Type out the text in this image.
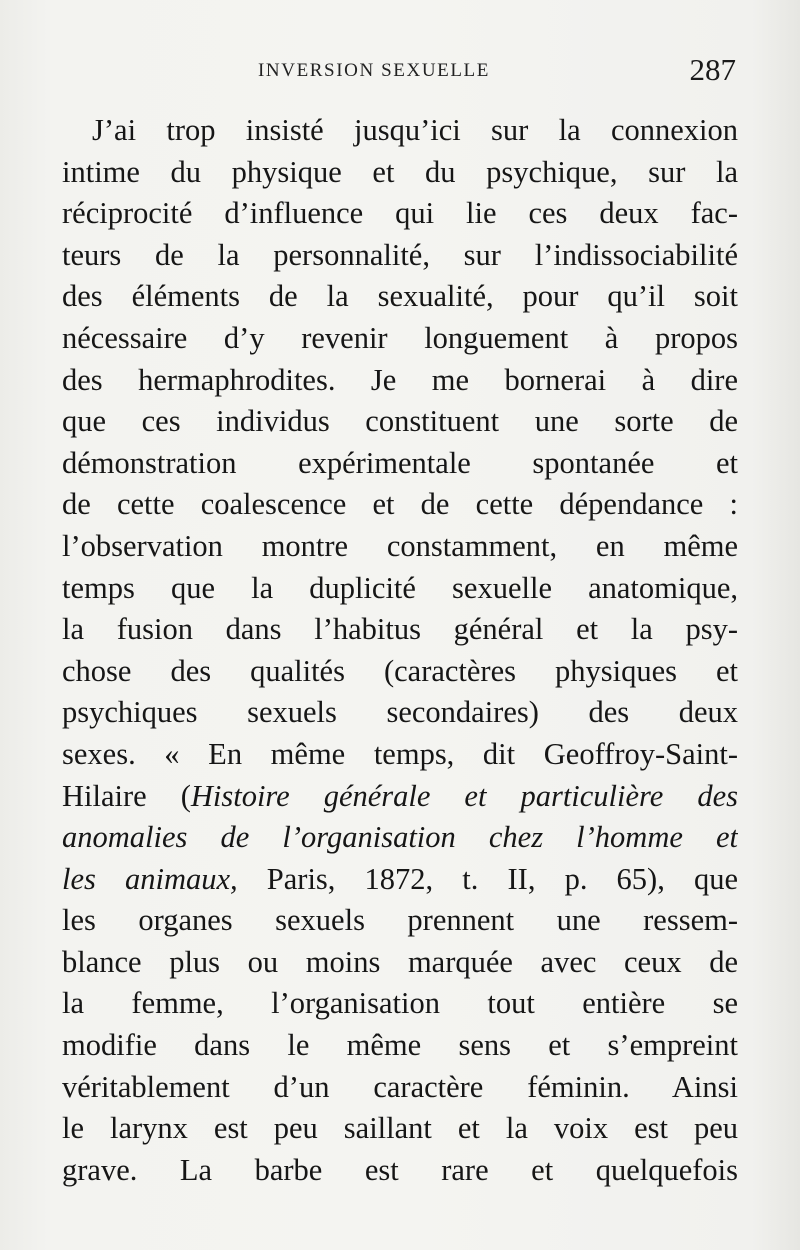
INVERSION SEXUELLE	287
J’ai trop insisté jusqu’ici sur la connexion
intime du physique et du psychique, sur la
réciprocité d’influence qui lie ces deux fac-
teurs de la personnalité, sur l’indissociabilité
des éléments de la sexualité, pour qu’il soit
nécessaire d’y revenir longuement à propos
des hermaphrodites. Je me bornerai à dire
que ces individus constituent une sorte de
démonstration expérimentale spontanée et
de cette coalescence et de cette dépendance :
l’observation montre constamment, en même
temps que la duplicité sexuelle anatomique,
la fusion dans l’habitus général et la psy-
chose des qualités (caractères physiques et
psychiques sexuels secondaires) des deux
sexes. « En même temps, dit Geoffroy-Saint-
Hilaire (Histoire générale et particulière des
anomalies de l’organisation chez l’homme et
les animaux, Paris, 1872, t. II, p. 65), que
les organes sexuels prennent une ressem-
blance plus ou moins marquée avec ceux de
la femme, l’organisation tout entière se
modifie dans le même sens et s’empreint
véritablement d’un caractère féminin. Ainsi
le larynx est peu saillant et la voix est peu
grave. La barbe est rare et quelquefois
